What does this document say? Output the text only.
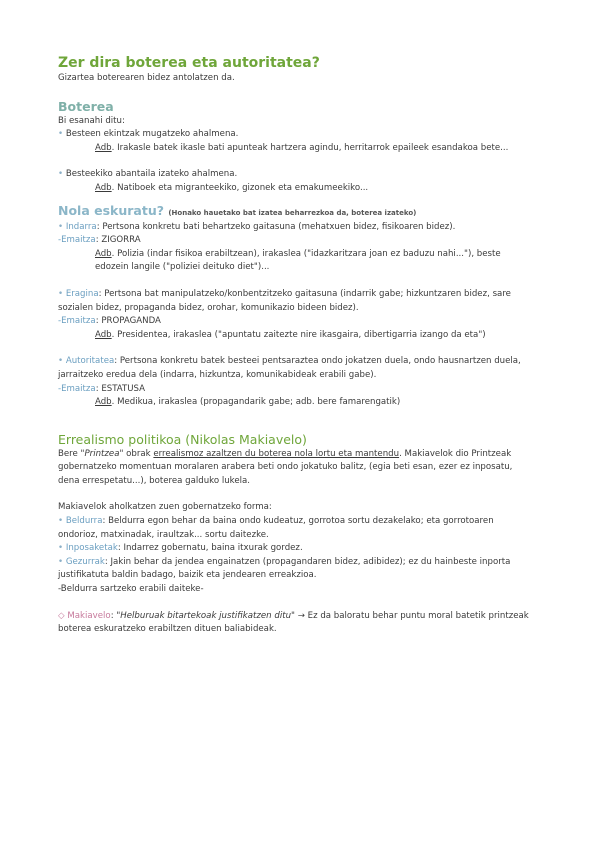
Zer dira boterea eta autoritatea?

Gizartea boterearen bidez antolatzen da.

Boterea

Bi esanahi ditu:

• Besteen ekintzak mugatzeko ahalmena.

Adb. Irakasle batek ikasle bati apunteak hartzera agindu, herritarrok epaileek esandakoa bete...

• Besteekiko abantaila izateko ahalmena.

Adb. Natiboek eta migranteekiko, gizonek eta emakumeekiko...

Nola eskuratu? (Honako hauetako bat izatea beharrezkoa da, boterea izateko)

• Indarra: Pertsona konkretu bati behartzeko gaitasuna (mehatxuen bidez, fisikoaren bidez).

-Emaitza: ZIGORRA

Adb. Polizia (indar fisikoa erabiltzean), irakaslea ("idazkaritzara joan ez baduzu nahi..."), beste

edozein langile ("poliziei deituko diet")...

• Eragina: Pertsona bat manipulatzeko/konbentzitzeko gaitasuna (indarrik gabe; hizkuntzaren bidez, sare

sozialen bidez, propaganda bidez, orohar, komunikazio bideen bidez).

-Emaitza: PROPAGANDA

Adb. Presidentea, irakaslea ("apuntatu zaitezte nire ikasgaira, dibertigarria izango da eta")

• Autoritatea: Pertsona konkretu batek besteei pentsaraztea ondo jokatzen duela, ondo hausnartzen duela,

jarraitzeko eredua dela (indarra, hizkuntza, komunikabideak erabili gabe).

-Emaitza: ESTATUSA

Adb. Medikua, irakaslea (propagandarik gabe; adb. bere famarengatik)

Errealismo politikoa (Nikolas Makiavelo)

Bere "Printzea" obrak errealismoz azaltzen du boterea nola lortu eta mantendu. Makiavelok dio Printzeak

gobernatzeko momentuan moralaren arabera beti ondo jokatuko balitz, (egia beti esan, ezer ez inposatu,

dena errespetatu...), boterea galduko lukela.

Makiavelok aholkatzen zuen gobernatzeko forma:

• Beldurra: Beldurra egon behar da baina ondo kudeatuz, gorrotoa sortu dezakelako; eta gorrotoaren

ondorioz, matxinadak, iraultzak... sortu daitezke.

• Inposaketak: Indarrez gobernatu, baina itxurak gordez.

• Gezurrak: Jakin behar da jendea engainatzen (propagandaren bidez, adibidez); ez du hainbeste inporta

justifikatuta baldin badago, baizik eta jendearen erreakzioa.

-Beldurra sartzeko erabili daiteke-

◇ Makiavelo: "Helburuak bitartekoak justifikatzen ditu" → Ez da baloratu behar puntu moral batetik printzeak

boterea eskuratzeko erabiltzen dituen baliabideak.
